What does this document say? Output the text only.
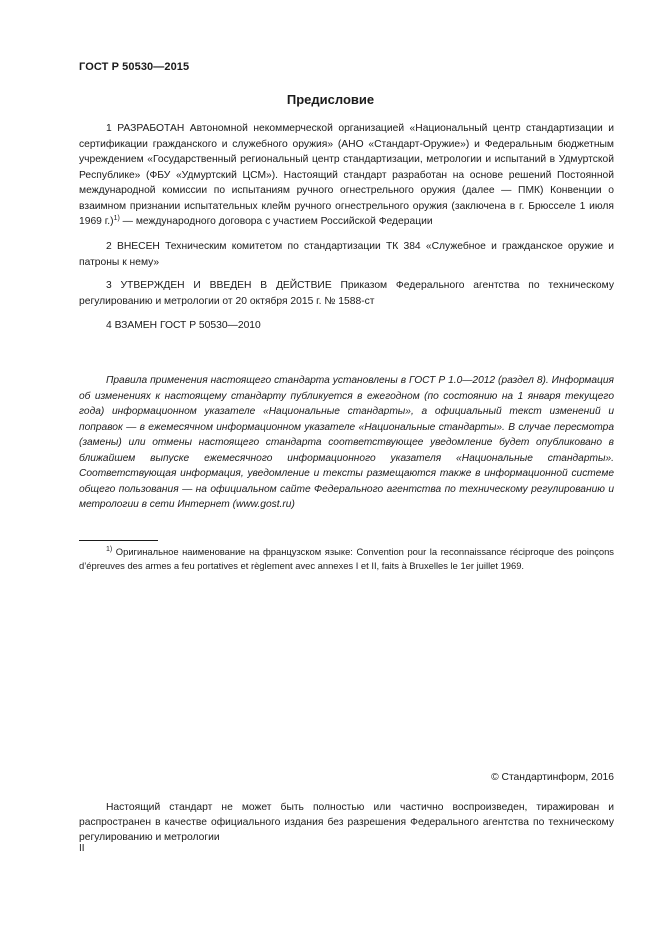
ГОСТ Р 50530—2015
Предисловие

1 РАЗРАБОТАН Автономной некоммерческой организацией «Национальный центр стандартизации и сертификации гражданского и служебного оружия» (АНО «Стандарт-Оружие») и Федеральным бюджетным учреждением «Государственный региональный центр стандартизации, метрологии и испытаний в Удмуртской Республике» (ФБУ «Удмуртский ЦСМ»). Настоящий стандарт разработан на основе решений Постоянной международной комиссии по испытаниям ручного огнестрельного оружия (далее — ПМК) Конвенции о взаимном признании испытательных клейм ручного огнестрельного оружия (заключена в г. Брюсселе 1 июля 1969 г.)$^{1)}$ — международного договора с участием Российской Федерации

2 ВНЕСЕН Техническим комитетом по стандартизации ТК 384 «Служебное и гражданское оружие и патроны к нему»

3 УТВЕРЖДЕН И ВВЕДЕН В ДЕЙСТВИЕ Приказом Федерального агентства по техническому регулированию и метрологии от 20 октября 2015 г. № 1588-ст

4 ВЗАМЕН ГОСТ Р 50530—2010

Правила применения настоящего стандарта установлены в ГОСТ Р 1.0—2012 (раздел 8). Информация об изменениях к настоящему стандарту публикуется в ежегодном (по состоянию на 1 января текущего года) информационном указателе «Национальные стандарты», а официальный текст изменений и поправок — в ежемесячном информационном указателе «Национальные стандарты». В случае пересмотра (замены) или отмены настоящего стандарта соответствующее уведомление будет опубликовано в ближайшем выпуске ежемесячного информационного указателя «Национальные стандарты». Соответствующая информация, уведомление и тексты размещаются также в информационной системе общего пользования — на официальном сайте Федерального агентства по техническому регулированию и метрологии в сети Интернет (www.gost.ru)

$^{1)}$ Оригинальное наименование на французском языке: Convention pour la reconnaissance réciproque des poinçons d’épreuves des armes a feu portatives et règlement avec annexes I et II, faits à Bruxelles le 1er juillet 1969.

© Стандартинформ, 2016

Настоящий стандарт не может быть полностью или частично воспроизведен, тиражирован и распространен в качестве официального издания без разрешения Федерального агентства по техническому регулированию и метрологии

II
